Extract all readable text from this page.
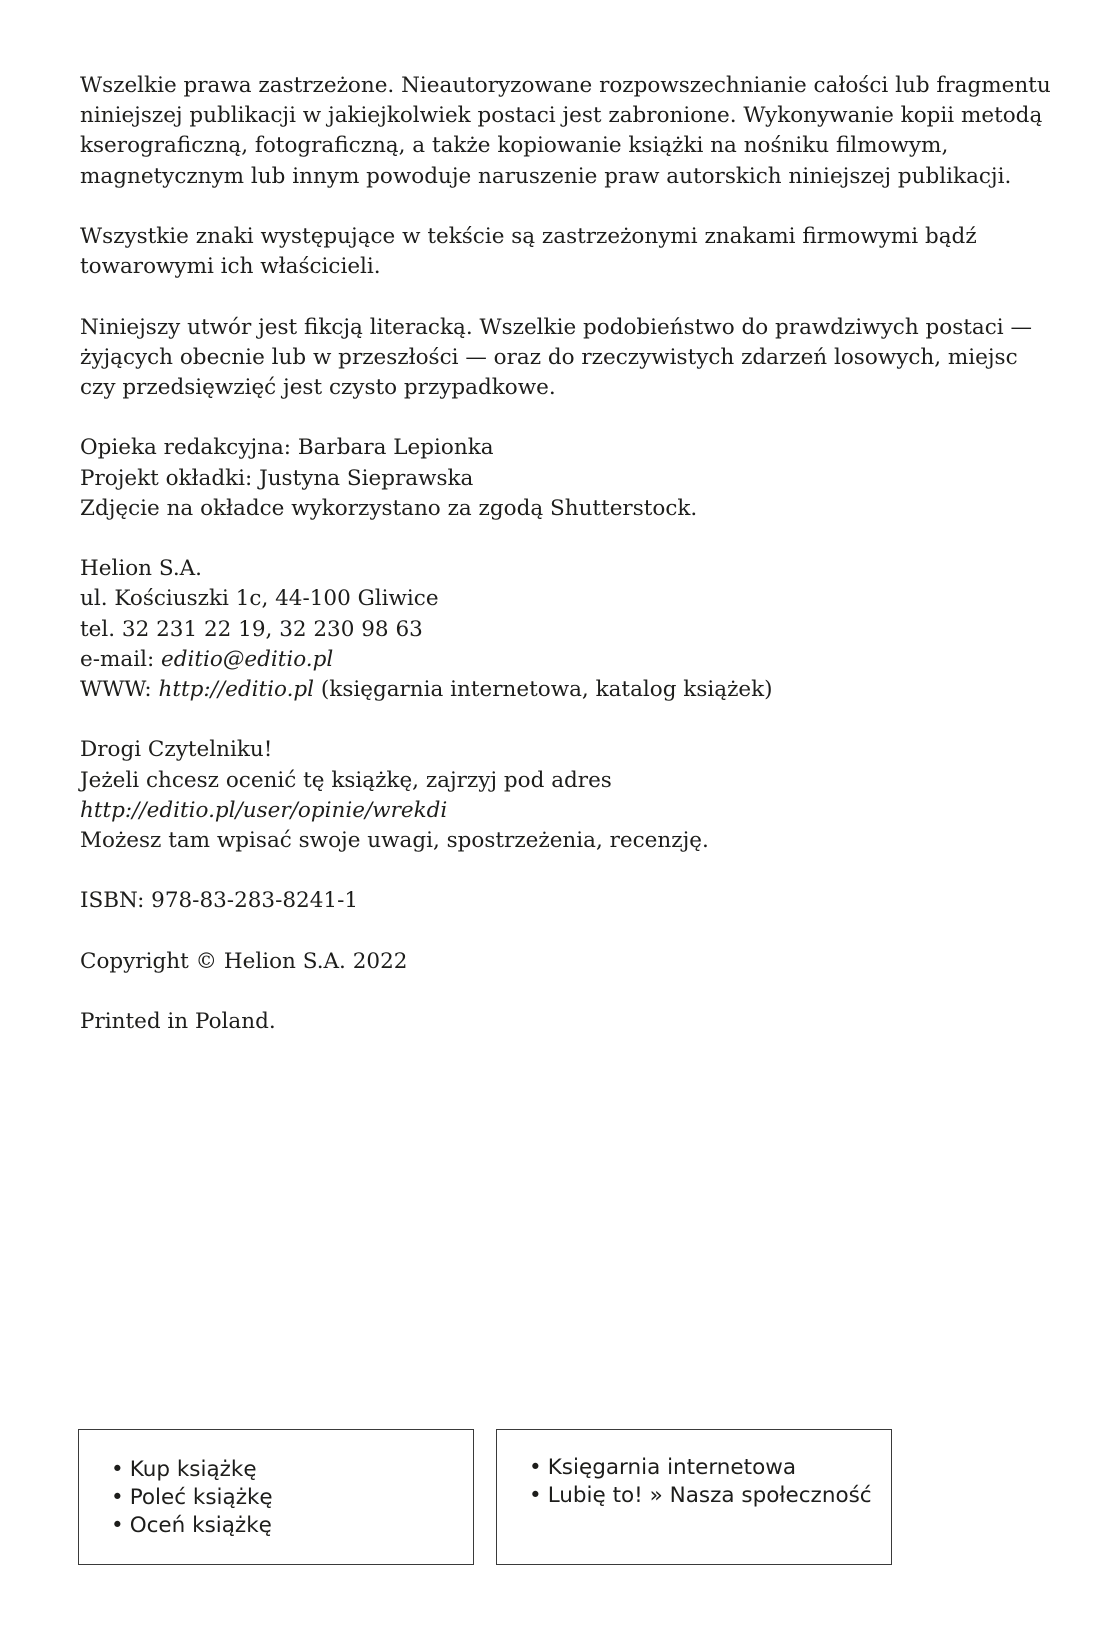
Wszelkie prawa zastrzeżone. Nieautoryzowane rozpowszechnianie całości lub fragmentu
niniejszej publikacji w jakiejkolwiek postaci jest zabronione. Wykonywanie kopii metodą
kserograficzną, fotograficzną, a także kopiowanie książki na nośniku filmowym,
magnetycznym lub innym powoduje naruszenie praw autorskich niniejszej publikacji.

Wszystkie znaki występujące w tekście są zastrzeżonymi znakami firmowymi bądź
towarowymi ich właścicieli.

Niniejszy utwór jest fikcją literacką. Wszelkie podobieństwo do prawdziwych postaci —
żyjących obecnie lub w przeszłości — oraz do rzeczywistych zdarzeń losowych, miejsc
czy przedsięwzięć jest czysto przypadkowe.

Opieka redakcyjna: Barbara Lepionka
Projekt okładki: Justyna Sieprawska
Zdjęcie na okładce wykorzystano za zgodą Shutterstock.

Helion S.A.
ul. Kościuszki 1c, 44-100 Gliwice
tel. 32 231 22 19, 32 230 98 63
e-mail: editio@editio.pl
WWW: http://editio.pl (księgarnia internetowa, katalog książek)

Drogi Czytelniku!
Jeżeli chcesz ocenić tę książkę, zajrzyj pod adres
http://editio.pl/user/opinie/wrekdi
Możesz tam wpisać swoje uwagi, spostrzeżenia, recenzję.

ISBN: 978-83-283-8241-1

Copyright © Helion S.A. 2022

Printed in Poland.

• Kup książkę
• Poleć książkę
• Oceń książkę
• Księgarnia internetowa
• Lubię to! » Nasza społeczność
